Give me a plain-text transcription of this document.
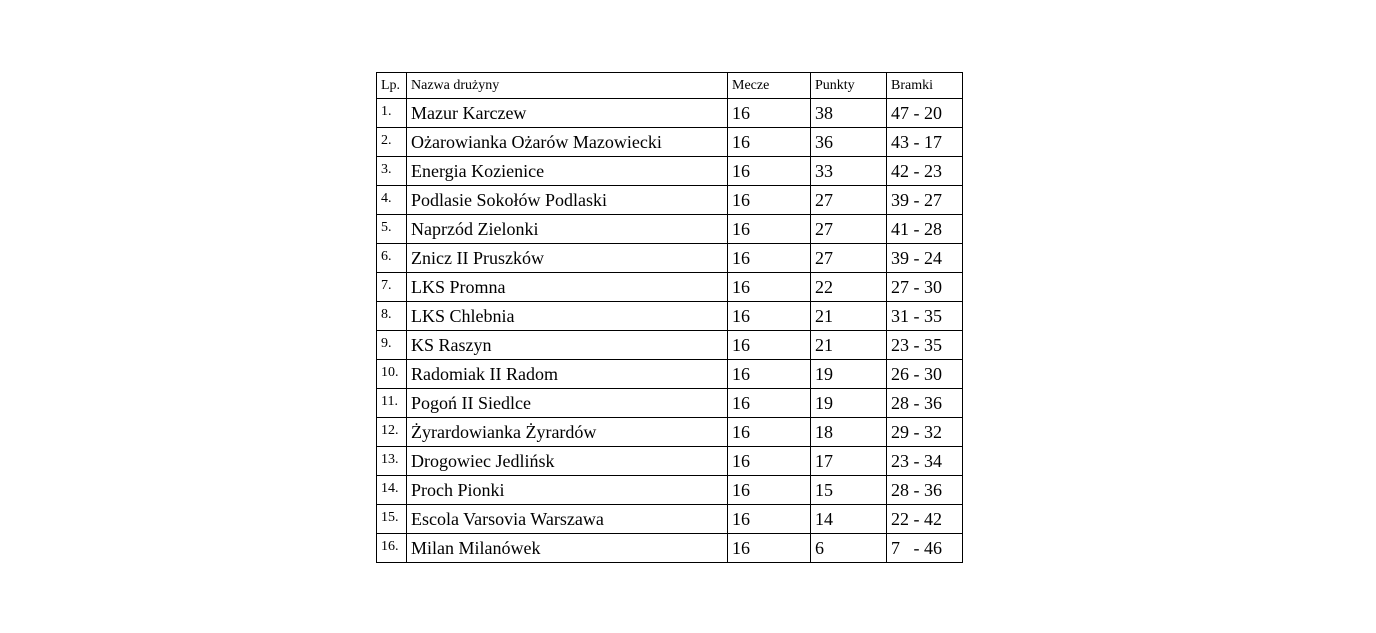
Lp.	Nazwa drużyny	Mecze	Punkty	Bramki
1.	Mazur Karczew	16	38	47 - 20
2.	Ożarowianka Ożarów Mazowiecki	16	36	43 - 17
3.	Energia Kozienice	16	33	42 - 23
4.	Podlasie Sokołów Podlaski	16	27	39 - 27
5.	Naprzód Zielonki	16	27	41 - 28
6.	Znicz II Pruszków	16	27	39 - 24
7.	LKS Promna	16	22	27 - 30
8.	LKS Chlebnia	16	21	31 - 35
9.	KS Raszyn	16	21	23 - 35
10.	Radomiak II Radom	16	19	26 - 30
11.	Pogoń II Siedlce	16	19	28 - 36
12.	Żyrardowianka Żyrardów	16	18	29 - 32
13.	Drogowiec Jedlińsk	16	17	23 - 34
14.	Proch Pionki	16	15	28 - 36
15.	Escola Varsovia Warszawa	16	14	22 - 42
16.	Milan Milanówek	16	6	7   - 46
